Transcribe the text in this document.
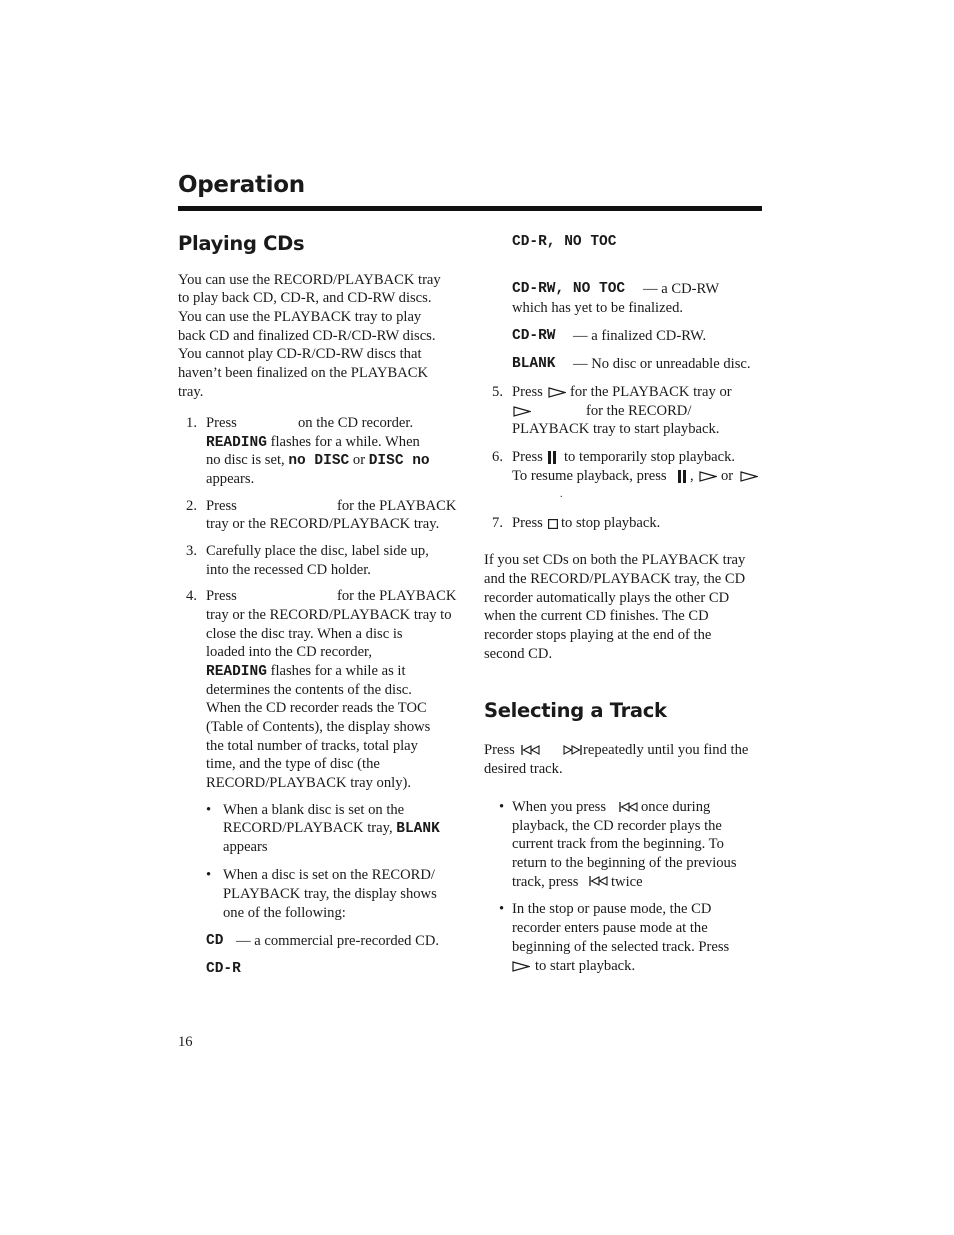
Operation
Playing CDs
You can use the RECORD/PLAYBACK tray
to play back CD, CD-R, and CD-RW discs.
You can use the PLAYBACK tray to play
back CD and finalized CD-R/CD-RW discs.
You cannot play CD-R/CD-RW discs that
haven’t been finalized on the PLAYBACK
tray.
1. Press	on the CD recorder.
READING flashes for a while. When
no disc is set, no DISC or DISC no
appears.
2. Press	for the PLAYBACK
tray or the RECORD/PLAYBACK tray.
3. Carefully place the disc, label side up,
into the recessed CD holder.
4. Press	for the PLAYBACK
tray or the RECORD/PLAYBACK tray to
close the disc tray. When a disc is
loaded into the CD recorder,
READING flashes for a while as it
determines the contents of the disc.
When the CD recorder reads the TOC
(Table of Contents), the display shows
the total number of tracks, total play
time, and the type of disc (the
RECORD/PLAYBACK tray only).
• When a blank disc is set on the
RECORD/PLAYBACK tray, BLANK
appears
• When a disc is set on the RECORD/
PLAYBACK tray, the display shows
one of the following:
CD — a commercial pre-recorded CD.
CD-R
CD-R, NO TOC
CD-RW, NO TOC — a CD-RW
which has yet to be finalized.
CD-RW — a finalized CD-RW.
BLANK — No disc or unreadable disc.
5. Press for the PLAYBACK tray or
for the RECORD/
PLAYBACK tray to start playback.
6. Press to temporarily stop playback.
To resume playback, press , or
.
7. Press to stop playback.
If you set CDs on both the PLAYBACK tray
and the RECORD/PLAYBACK tray, the CD
recorder automatically plays the other CD
when the current CD finishes. The CD
recorder stops playing at the end of the
second CD.
Selecting a Track
Press	repeatedly until you find the
desired track.
• When you press once during
playback, the CD recorder plays the
current track from the beginning. To
return to the beginning of the previous
track, press twice
• In the stop or pause mode, the CD
recorder enters pause mode at the
beginning of the selected track. Press
to start playback.
16
